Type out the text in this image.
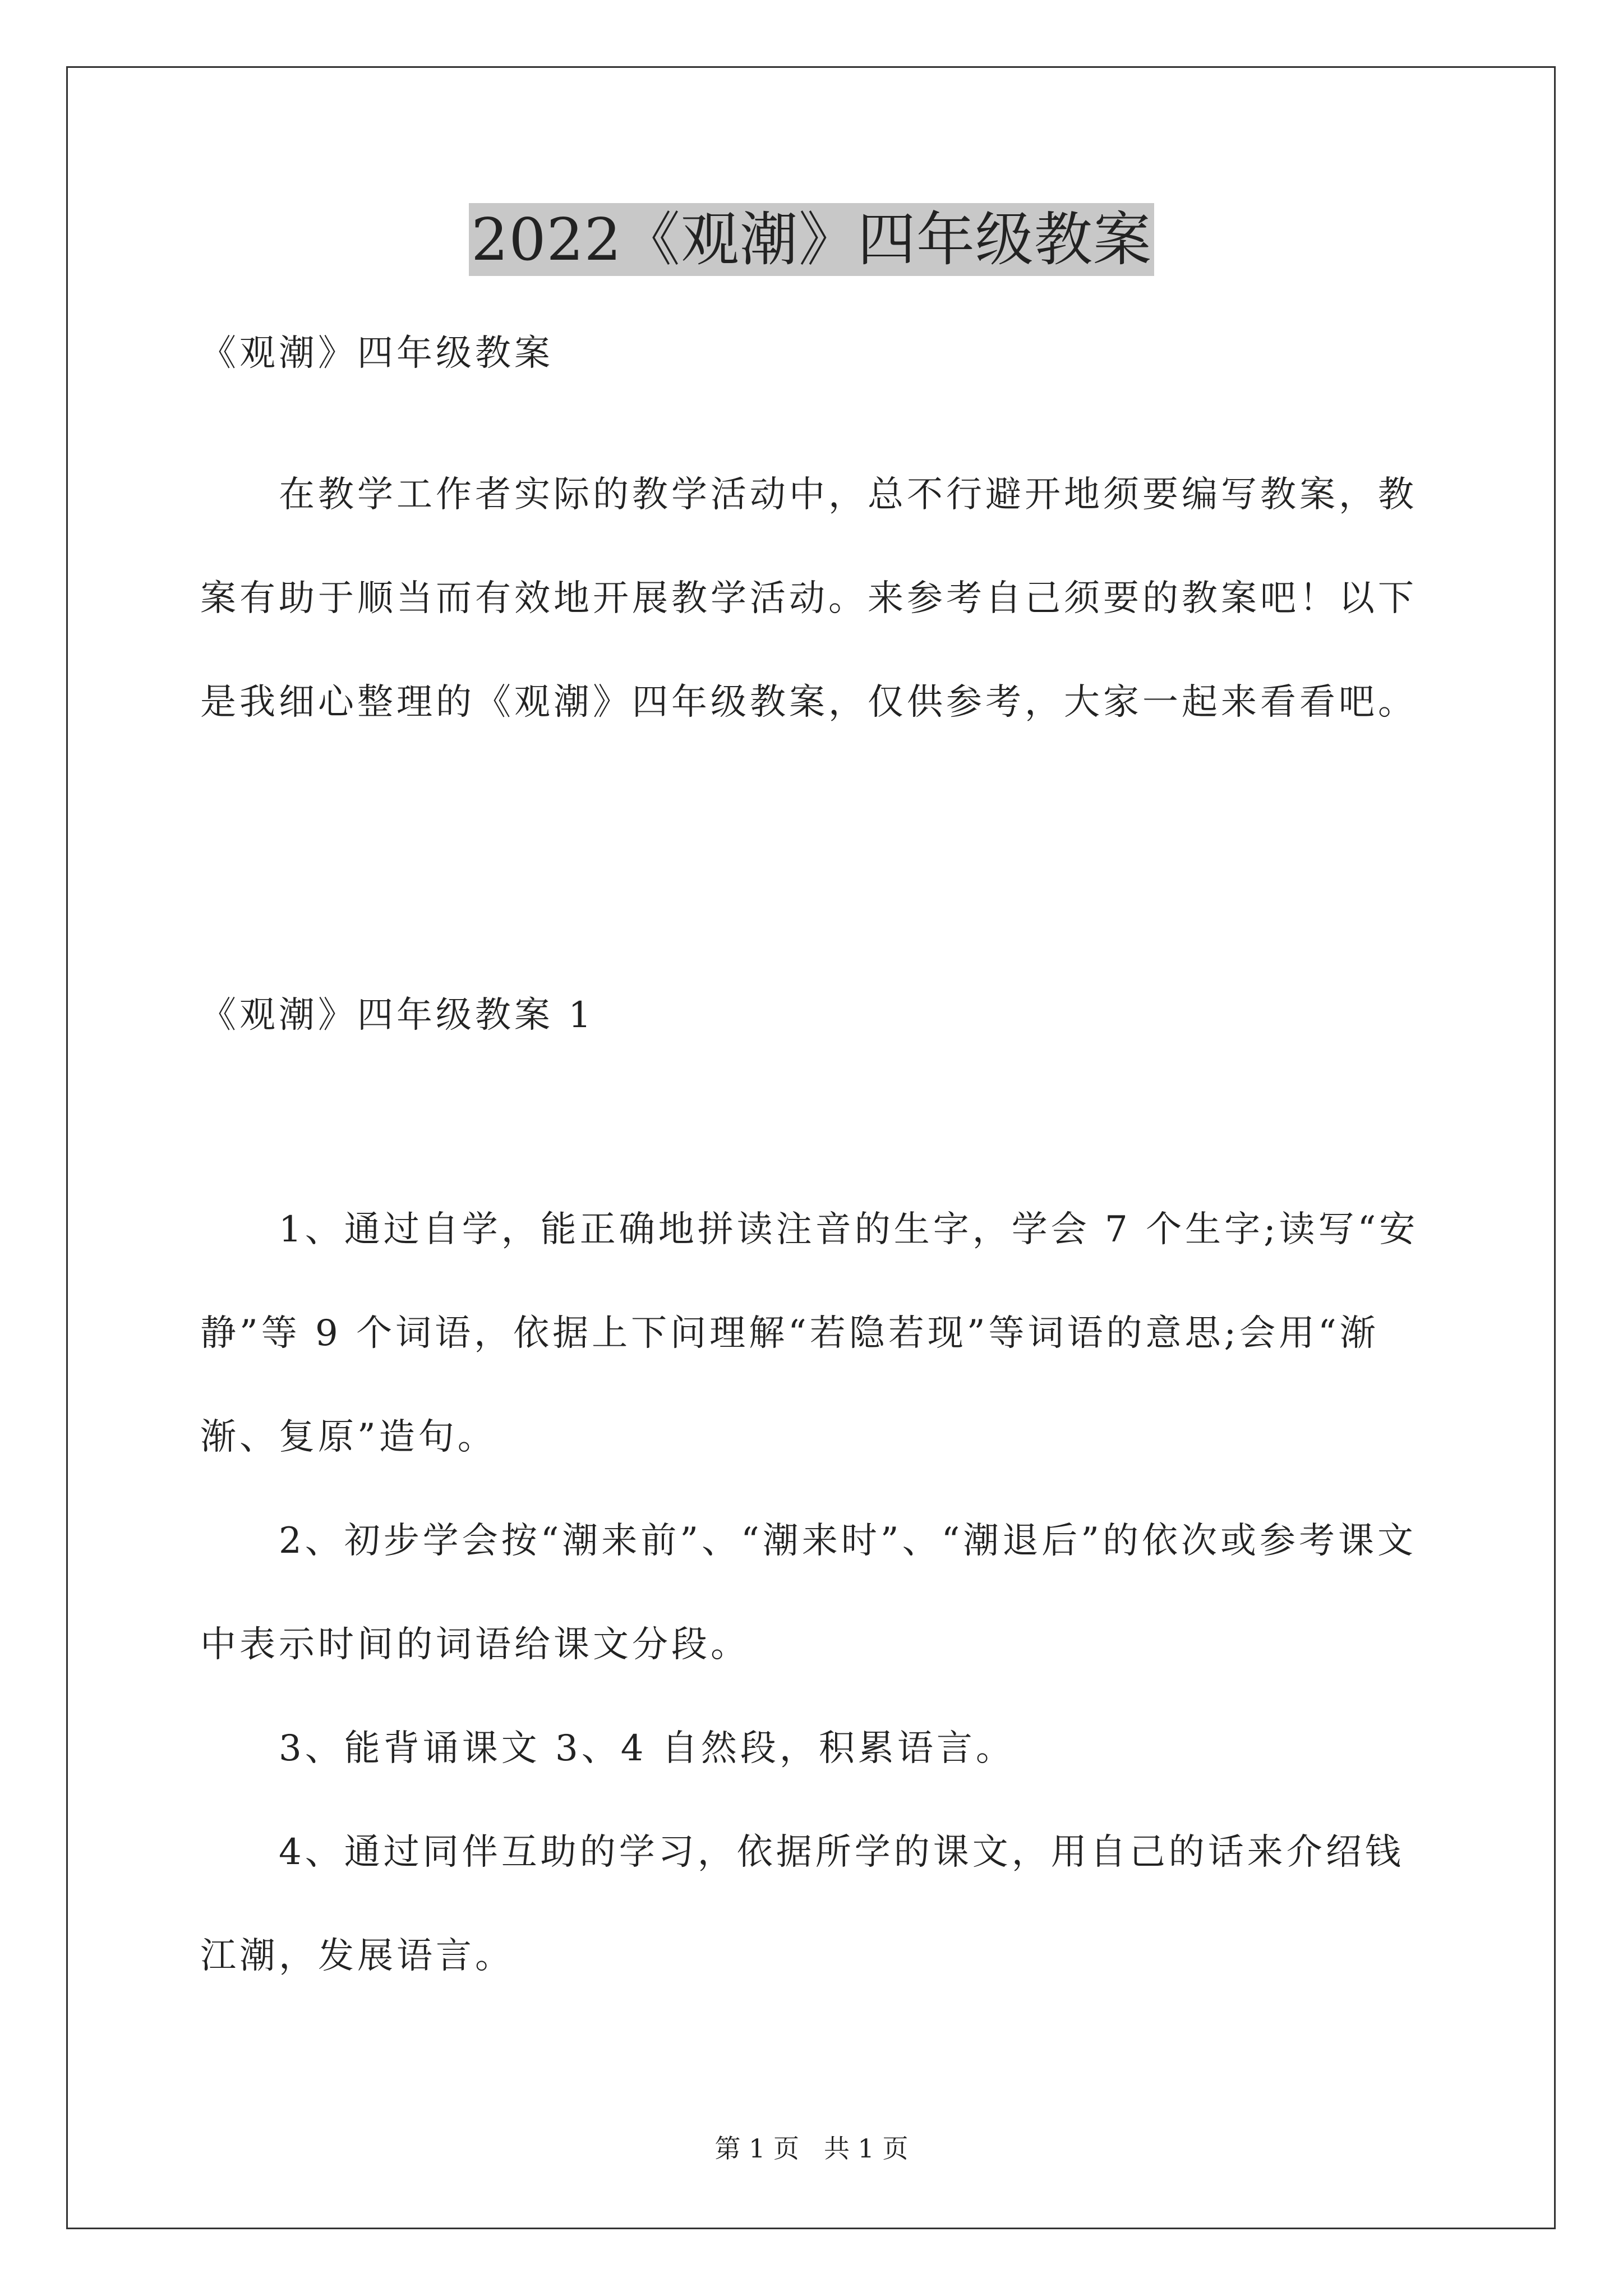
2022《观潮》四年级教案
《观潮》四年级教案
在教学工作者实际的教学活动中，总不行避开地须要编写教案，教案有助于顺当而有效地开展教学活动。来参考自己须要的教案吧！以下是我细心整理的《观潮》四年级教案，仅供参考，大家一起来看看吧。
《观潮》四年级教案 1

1、通过自学，能正确地拼读注音的生字，学会 7 个生字;读写“安静”等 9 个词语，依据上下问理解“若隐若现”等词语的意思;会用“渐渐、复原”造句。

2、初步学会按“潮来前”、“潮来时”、“潮退后”的依次或参考课文中表示时间的词语给课文分段。

3、能背诵课文 3、4 自然段，积累语言。

4、通过同伴互助的学习，依据所学的课文，用自己的话来介绍钱江潮，发展语言。

第 1 页 共 1 页
